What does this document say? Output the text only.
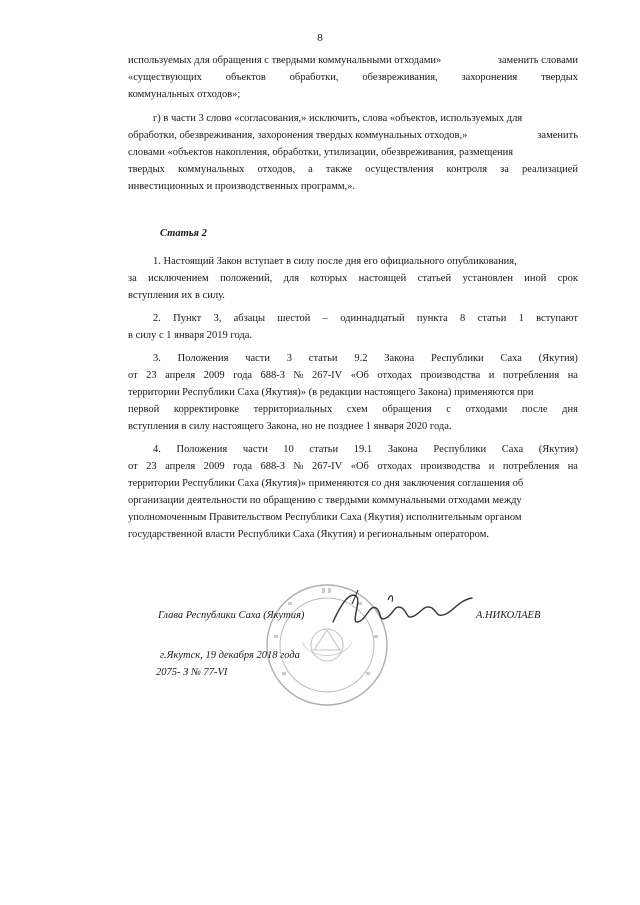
8
используемых для обращения с твердыми коммунальными отходами»	заменить словами
«существующих объектов обработки, обезвреживания, захоронения твердых
коммунальных отходов»;
г) в части 3 слово «согласования,» исключить, слова «объектов, используемых для
обработки, обезвреживания, захоронения твердых коммунальных отходов,»	заменить
словами «объектов накопления, обработки, утилизации, обезвреживания, размещения
твердых коммунальных отходов, а также осуществления контроля за реализацией
инвестиционных и производственных программ,».
Статья 2
1. Настоящий Закон вступает в силу после дня его официального опубликования,
за исключением положений, для которых настоящей статьей установлен иной срок
вступления их в силу.
2. Пункт 3, абзацы шестой – одиннадцатый пункта 8 статьи 1 вступают
в силу с 1 января 2019 года.
3. Положения части 3 статьи 9.2 Закона Республики Саха (Якутия)
от 23 апреля 2009 года 688-З № 267-IV «Об отходах производства и потребления на
территории Республики Саха (Якутия)» (в редакции настоящего Закона) применяются при
первой корректировке территориальных схем обращения с отходами после дня
вступления в силу настоящего Закона, но не позднее 1 января 2020 года.
4. Положения части 10 статьи 19.1 Закона Республики Саха (Якутия)
от 23 апреля 2009 года 688-З № 267-IV «Об отходах производства и потребления на
территории Республики Саха (Якутия)» применяются со дня заключения соглашения об
организации деятельности по обращению с твердыми коммунальными отходами между
уполномоченным Правительством Республики Саха (Якутия) исполнительным органом
государственной власти Республики Саха (Якутия) и региональным оператором.
Глава Республики Саха (Якутия)	А.НИКОЛАЕВ
г.Якутск, 19 декабря 2018 года
2075- З № 77-VI
